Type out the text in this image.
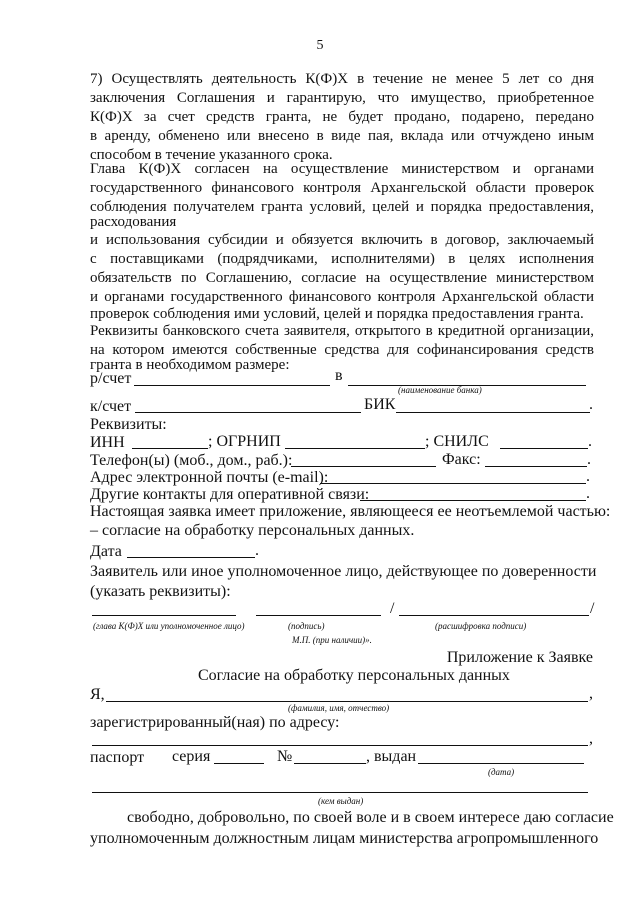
5
7) Осуществлять деятельность К(Ф)Х в течение не менее 5 лет со дня
заключения Соглашения и гарантирую, что имущество, приобретенное
К(Ф)Х за счет средств гранта, не будет продано, подарено, передано
в аренду, обменено или внесено в виде пая, вклада или отчуждено иным
способом в течение указанного срока.
Глава К(Ф)Х согласен на осуществление министерством и органами
государственного финансового контроля Архангельской области проверок
соблюдения получателем гранта условий, целей и порядка предоставления,
расходования
и использования субсидии и обязуется включить в договор, заключаемый
с поставщиками (подрядчиками, исполнителями) в целях исполнения
обязательств по Соглашению, согласие на осуществление министерством
и органами государственного финансового контроля Архангельской области
проверок соблюдения ими условий, целей и порядка предоставления гранта.
Реквизиты банковского счета заявителя, открытого в кредитной организации,
на котором имеются собственные средства для софинансирования средств
гранта в необходимом размере:
р/счет	в
(наименование банка)
к/счет	БИК	.
Реквизиты:
ИНН	; ОГРНИП	; СНИЛС	.
Телефон(ы) (моб., дом., раб.):	Факс:	.
Адрес электронной почты (e-mail):	.
Другие контакты для оперативной связи:	.
Настоящая заявка имеет приложение, являющееся ее неотъемлемой частью:
– согласие на обработку персональных данных.
Дата	.
Заявитель или иное уполномоченное лицо, действующее по доверенности
(указать реквизиты):
/	/
(глава К(Ф)Х или уполномоченное лицо)	(подпись)	(расшифровка подписи)
М.П. (при наличии)».
Приложение к Заявке
Согласие на обработку персональных данных
Я,	,
(фамилия, имя, отчество)
зарегистрированный(ная) по адресу:
,
паспорт серия	№	, выдан
(дата)
(кем выдан)
свободно, добровольно, по своей воле и в своем интересе даю согласие
уполномоченным должностным лицам министерства агропромышленного
